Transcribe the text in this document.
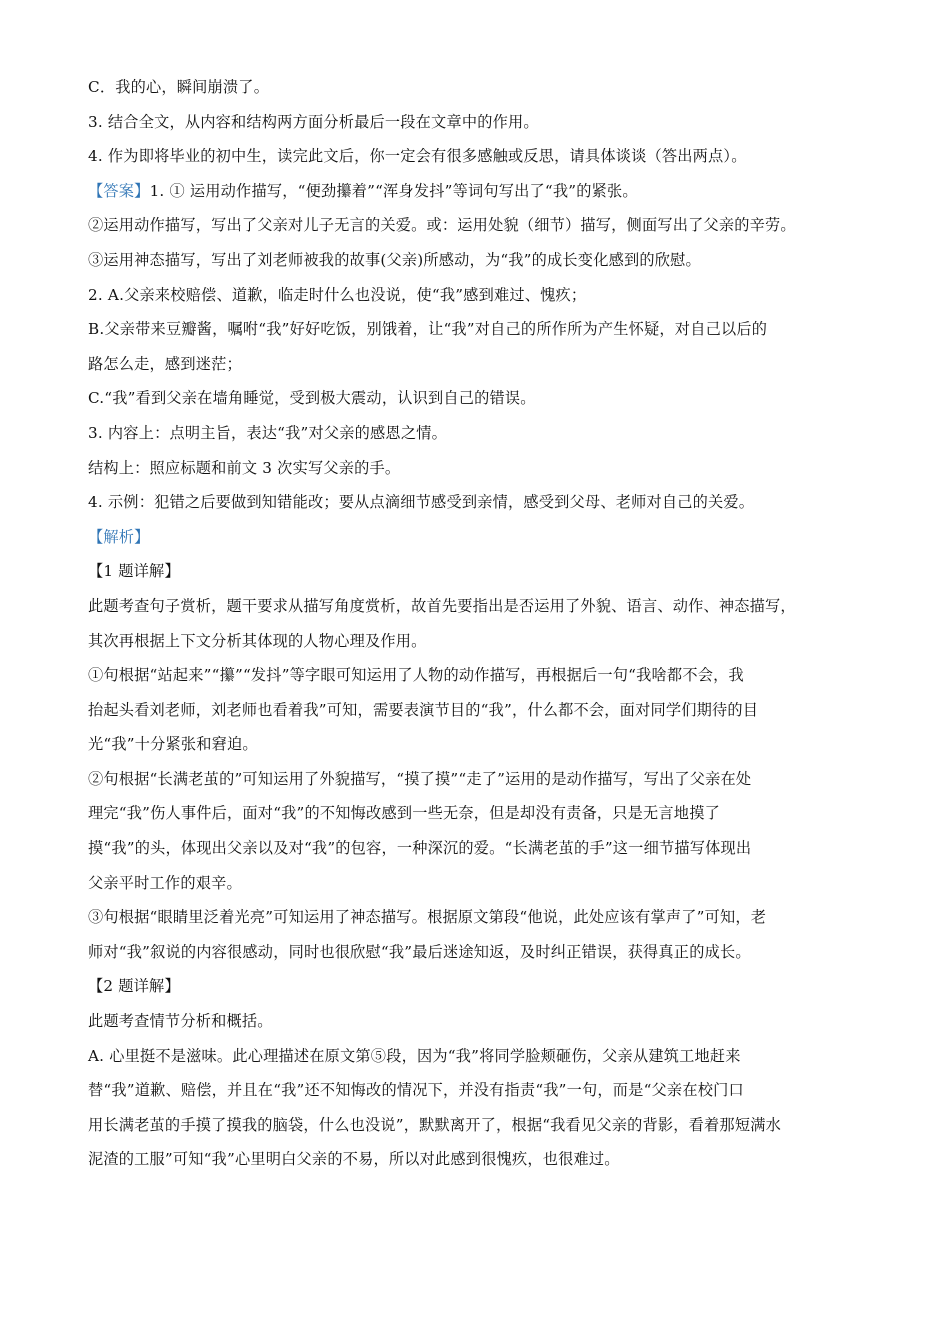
C．我的心，瞬间崩溃了。
3. 结合全文，从内容和结构两方面分析最后一段在文章中的作用。
4. 作为即将毕业的初中生，读完此文后，你一定会有很多感触或反思，请具体谈谈（答出两点）。
【答案】1. ① 运用动作描写，“便劲攥着”“浑身发抖”等词句写出了“我”的紧张。
②运用动作描写，写出了父亲对儿子无言的关爱。或：运用处貌（细节）描写，侧面写出了父亲的辛劳。
③运用神态描写，写出了刘老师被我的故事(父亲)所感动，为“我”的成长变化感到的欣慰。
2. A.父亲来校赔偿、道歉，临走时什么也没说，使“我”感到难过、愧疚；
B.父亲带来豆瓣酱，嘱咐“我”好好吃饭，别饿着，让“我”对自己的所作所为产生怀疑，对自己以后的
路怎么走，感到迷茫；
C.“我”看到父亲在墙角睡觉，受到极大震动，认识到自己的错误。
3. 内容上：点明主旨，表达“我”对父亲的感恩之情。
结构上：照应标题和前文 3 次实写父亲的手。
4. 示例：犯错之后要做到知错能改；要从点滴细节感受到亲情，感受到父母、老师对自己的关爱。
【解析】
【1 题详解】
此题考查句子赏析，题干要求从描写角度赏析，故首先要指出是否运用了外貌、语言、动作、神态描写，
其次再根据上下文分析其体现的人物心理及作用。
①句根据“站起来”“攥”“发抖”等字眼可知运用了人物的动作描写，再根据后一句“我啥都不会，我
抬起头看刘老师，刘老师也看着我”可知，需要表演节目的“我”，什么都不会，面对同学们期待的目
光“我”十分紧张和窘迫。
②句根据“长满老茧的”可知运用了外貌描写，“摸了摸”“走了”运用的是动作描写，写出了父亲在处
理完“我”伤人事件后，面对“我”的不知悔改感到一些无奈，但是却没有责备，只是无言地摸了
摸“我”的头，体现出父亲以及对“我”的包容，一种深沉的爱。“长满老茧的手”这一细节描写体现出
父亲平时工作的艰辛。
③句根据“眼睛里泛着光亮”可知运用了神态描写。根据原文第段“他说，此处应该有掌声了”可知，老
师对“我”叙说的内容很感动，同时也很欣慰“我”最后迷途知返，及时纠正错误，获得真正的成长。
【2 题详解】
此题考查情节分析和概括。
A. 心里挺不是滋味。此心理描述在原文第⑤段，因为“我”将同学脸颊砸伤，父亲从建筑工地赶来
替“我”道歉、赔偿，并且在“我”还不知悔改的情况下，并没有指责“我”一句，而是“父亲在校门口
用长满老茧的手摸了摸我的脑袋，什么也没说”，默默离开了，根据“我看见父亲的背影，看着那短满水
泥渣的工服”可知“我”心里明白父亲的不易，所以对此感到很愧疚，也很难过。
